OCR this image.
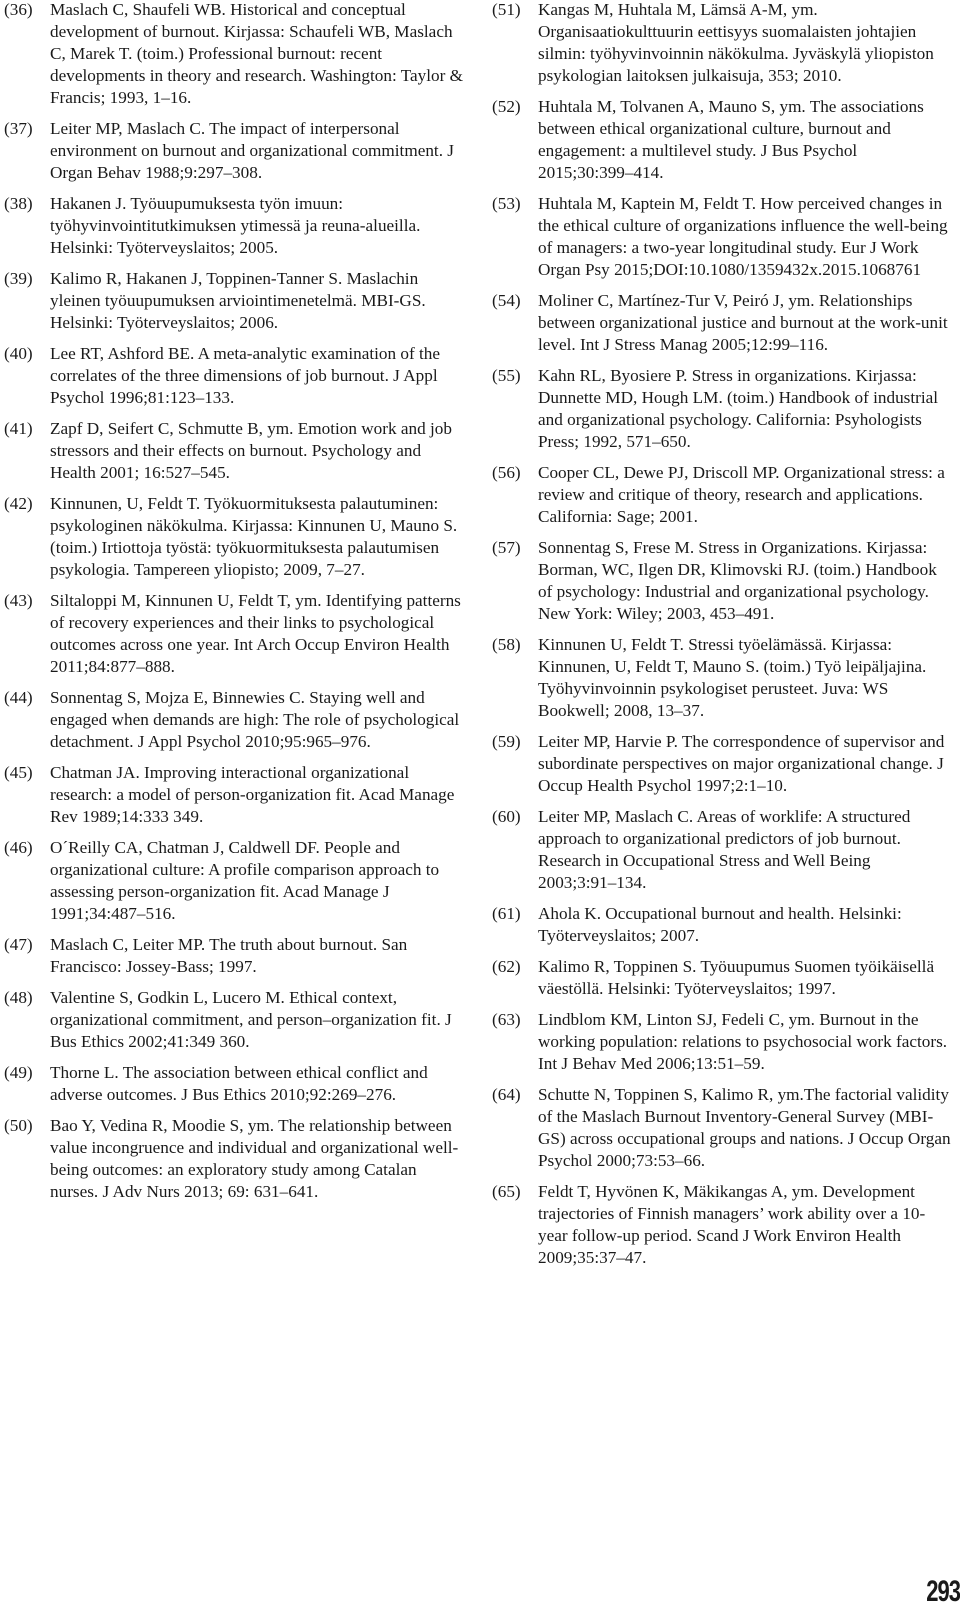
(36)	Maslach C, Shaufeli WB. Historical and conceptual development of burnout. Kirjassa: Schaufeli WB, Maslach C, Marek T. (toim.) Professional burnout: recent developments in theory and research. Washington: Taylor & Francis; 1993, 1–16.
(37)	Leiter MP, Maslach C. The impact of interpersonal environment on burnout and organizational commitment. J Organ Behav 1988;9:297–308.
(38)	Hakanen J. Työuupumuksesta työn imuun: työhyvinvointitutkimuksen ytimessä ja reuna-alueilla. Helsinki: Työterveyslaitos; 2005.
(39)	Kalimo R, Hakanen J, Toppinen-Tanner S. Maslachin yleinen työuupumuksen arviointimenetelmä. MBI-GS. Helsinki: Työterveyslaitos; 2006.
(40)	Lee RT, Ashford BE. A meta-analytic examination of the correlates of the three dimensions of job burnout. J Appl Psychol 1996;81:123–133.
(41)	Zapf D, Seifert C, Schmutte B, ym. Emotion work and job stressors and their effects on burnout. Psychology and Health 2001; 16:527–545.
(42)	Kinnunen, U, Feldt T. Työkuormituksesta palautuminen: psykologinen näkökulma. Kirjassa: Kinnunen U, Mauno S. (toim.) Irtiottoja työstä: työkuormituksesta palautumisen psykologia. Tampereen yliopisto; 2009, 7–27.
(43)	Siltaloppi M, Kinnunen U, Feldt T, ym. Identifying patterns of recovery experiences and their links to psychological outcomes across one year. Int Arch Occup Environ Health 2011;84:877–888.
(44)	Sonnentag S, Mojza E, Binnewies C. Staying well and engaged when demands are high: The role of psychological detachment. J Appl Psychol 2010;95:965–976.
(45)	Chatman JA. Improving interactional organizational research: a model of person-organization fit. Acad Manage Rev 1989;14:333 349.
(46)	O´Reilly CA, Chatman J, Caldwell DF. People and organizational culture: A profile comparison approach to assessing person-organization fit. Acad Manage J 1991;34:487–516.
(47)	Maslach C, Leiter MP. The truth about burnout. San Francisco: Jossey-Bass; 1997.
(48)	Valentine S, Godkin L, Lucero M. Ethical context, organizational commitment, and person–organization fit. J Bus Ethics 2002;41:349 360.
(49)	Thorne L. The association between ethical conflict and adverse outcomes. J Bus Ethics 2010;92:269–276.
(50)	Bao Y, Vedina R, Moodie S, ym. The relationship between value incongruence and individual and organizational well-being outcomes: an exploratory study among Catalan nurses. J Adv Nurs 2013; 69: 631–641.
(51)	Kangas M, Huhtala M, Lämsä A-M, ym. Organisaatiokulttuurin eettisyys suomalaisten johtajien silmin: työhyvinvoinnin näkökulma. Jyväskylä yliopiston psykologian laitoksen julkaisuja, 353; 2010.
(52)	Huhtala M, Tolvanen A, Mauno S, ym. The associations between ethical organizational culture, burnout and engagement: a multilevel study. J Bus Psychol 2015;30:399–414.
(53)	Huhtala M, Kaptein M, Feldt T. How perceived changes in the ethical culture of organizations influence the well-being of managers: a two-year longitudinal study. Eur J Work Organ Psy 2015;DOI:10.1080/1359432x.2015.1068761
(54)	Moliner C, Martínez-Tur V, Peiró J, ym. Relationships between organizational justice and burnout at the work-unit level. Int J Stress Manag 2005;12:99–116.
(55)	Kahn RL, Byosiere P. Stress in organizations. Kirjassa: Dunnette MD, Hough LM. (toim.) Handbook of industrial and organizational psychology. California: Psyhologists Press; 1992, 571–650.
(56)	Cooper CL, Dewe PJ, Driscoll MP. Organizational stress: a review and critique of theory, research and applications. California: Sage; 2001.
(57)	Sonnentag S, Frese M. Stress in Organizations. Kirjassa: Borman, WC, Ilgen DR, Klimovski RJ. (toim.) Handbook of psychology: Industrial and organizational psychology. New York: Wiley; 2003, 453–491.
(58)	Kinnunen U, Feldt T. Stressi työelämässä. Kirjassa: Kinnunen, U, Feldt T, Mauno S. (toim.) Työ leipäljajina. Työhyvinvoinnin psykologiset perusteet. Juva: WS Bookwell; 2008, 13–37.
(59)	Leiter MP, Harvie P. The correspondence of supervisor and subordinate perspectives on major organizational change. J Occup Health Psychol 1997;2:1–10.
(60)	Leiter MP, Maslach C. Areas of worklife: A structured approach to organizational predictors of job burnout. Research in Occupational Stress and Well Being 2003;3:91–134.
(61)	Ahola K. Occupational burnout and health. Helsinki: Työterveyslaitos; 2007.
(62)	Kalimo R, Toppinen S. Työuupumus Suomen työikäisellä väestöllä. Helsinki: Työterveyslaitos; 1997.
(63)	Lindblom KM, Linton SJ, Fedeli C, ym. Burnout in the working population: relations to psychosocial work factors. Int J Behav Med 2006;13:51–59.
(64)	Schutte N, Toppinen S, Kalimo R, ym.The factorial validity of the Maslach Burnout Inventory-General Survey (MBI-GS) across occupational groups and nations. J Occup Organ Psychol 2000;73:53–66.
(65)	Feldt T, Hyvönen K, Mäkikangas A, ym. Development trajectories of Finnish managers’ work ability over a 10-year follow-up period. Scand J Work Environ Health 2009;35:37–47.
293
